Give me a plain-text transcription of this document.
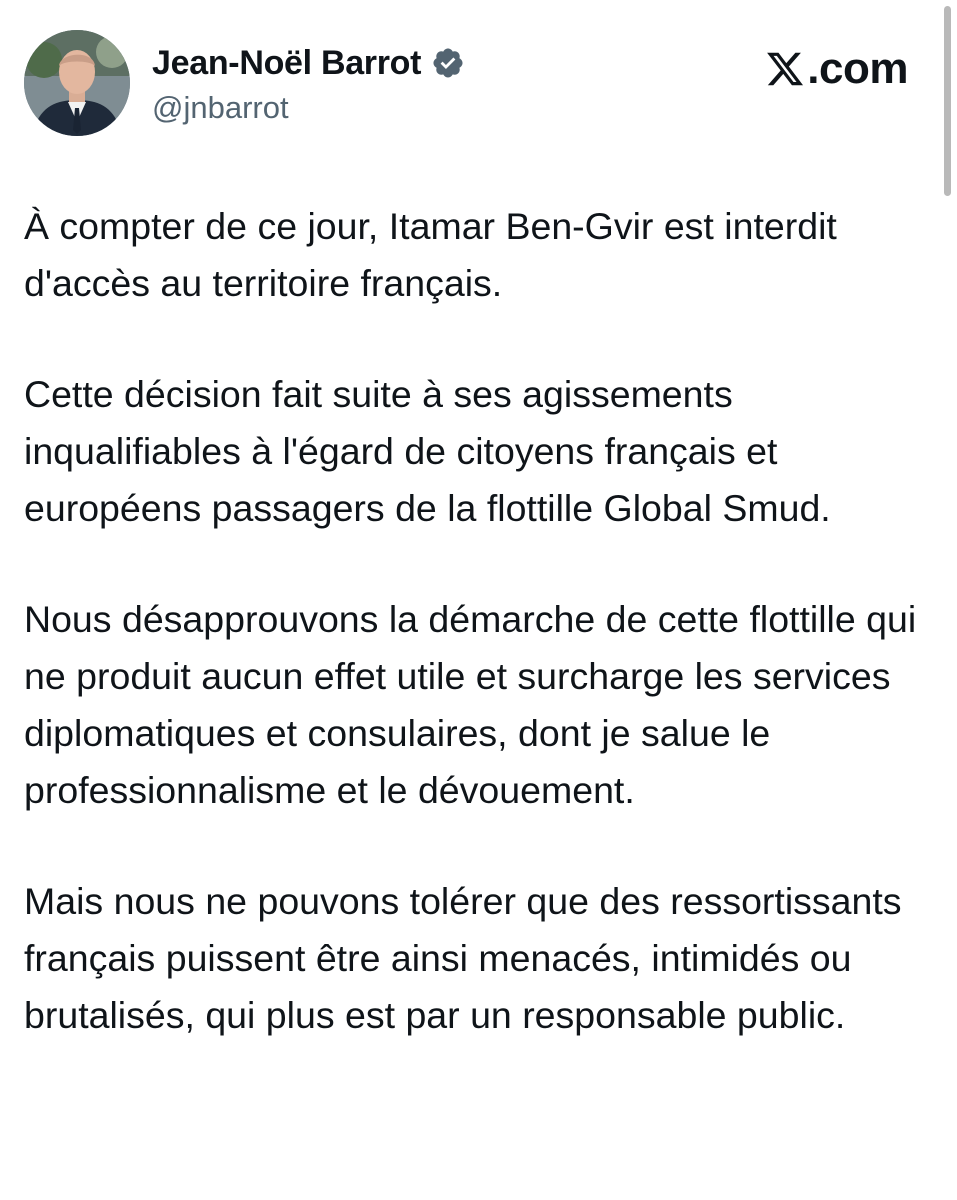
Jean-Noël Barrot
@jnbarrot
.com

À compter de ce jour, Itamar Ben-Gvir est interdit d'accès au territoire français.

Cette décision fait suite à ses agissements inqualifiables à l'égard de citoyens français et européens passagers de la flottille Global Smud.

Nous désapprouvons la démarche de cette flottille qui ne produit aucun effet utile et surcharge les services diplomatiques et consulaires, dont je salue le professionnalisme et le dévouement.

Mais nous ne pouvons tolérer que des ressortissants français puissent être ainsi menacés, intimidés ou brutalisés, qui plus est par un responsable public.
